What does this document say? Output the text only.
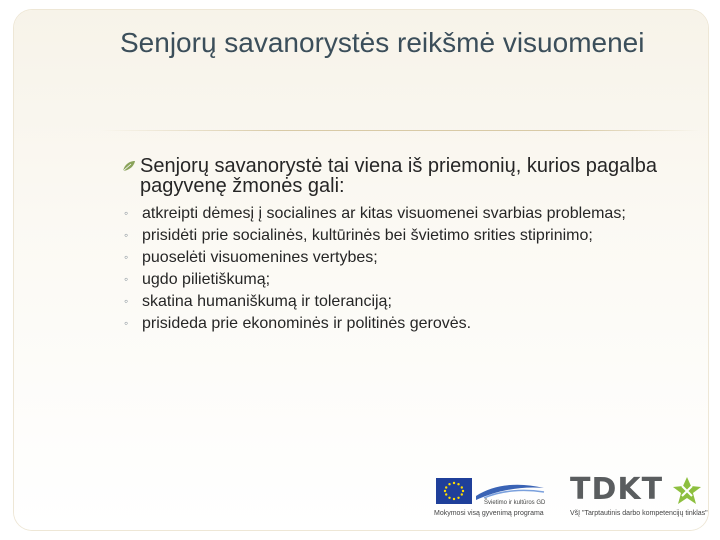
Senjorų savanorystės reikšmė visuomenei
Senjorų savanorystė tai viena iš priemonių, kurios pagalba pagyvenę žmonės gali:
◦ atkreipti dėmesį į socialines ar kitas visuomenei svarbias problemas;
◦ prisidėti prie socialinės, kultūrinės bei švietimo srities stiprinimo;
◦ puoselėti visuomenines vertybes;
◦ ugdo pilietiškumą;
◦ skatina humaniškumą ir toleranciją;
◦ prisideda prie ekonominės ir politinės gerovės.
Švietimo ir kultūros GD
Mokymosi visą gyvenimą programa
TDKT
VšĮ "Tarptautinis darbo kompetencijų tinklas"
